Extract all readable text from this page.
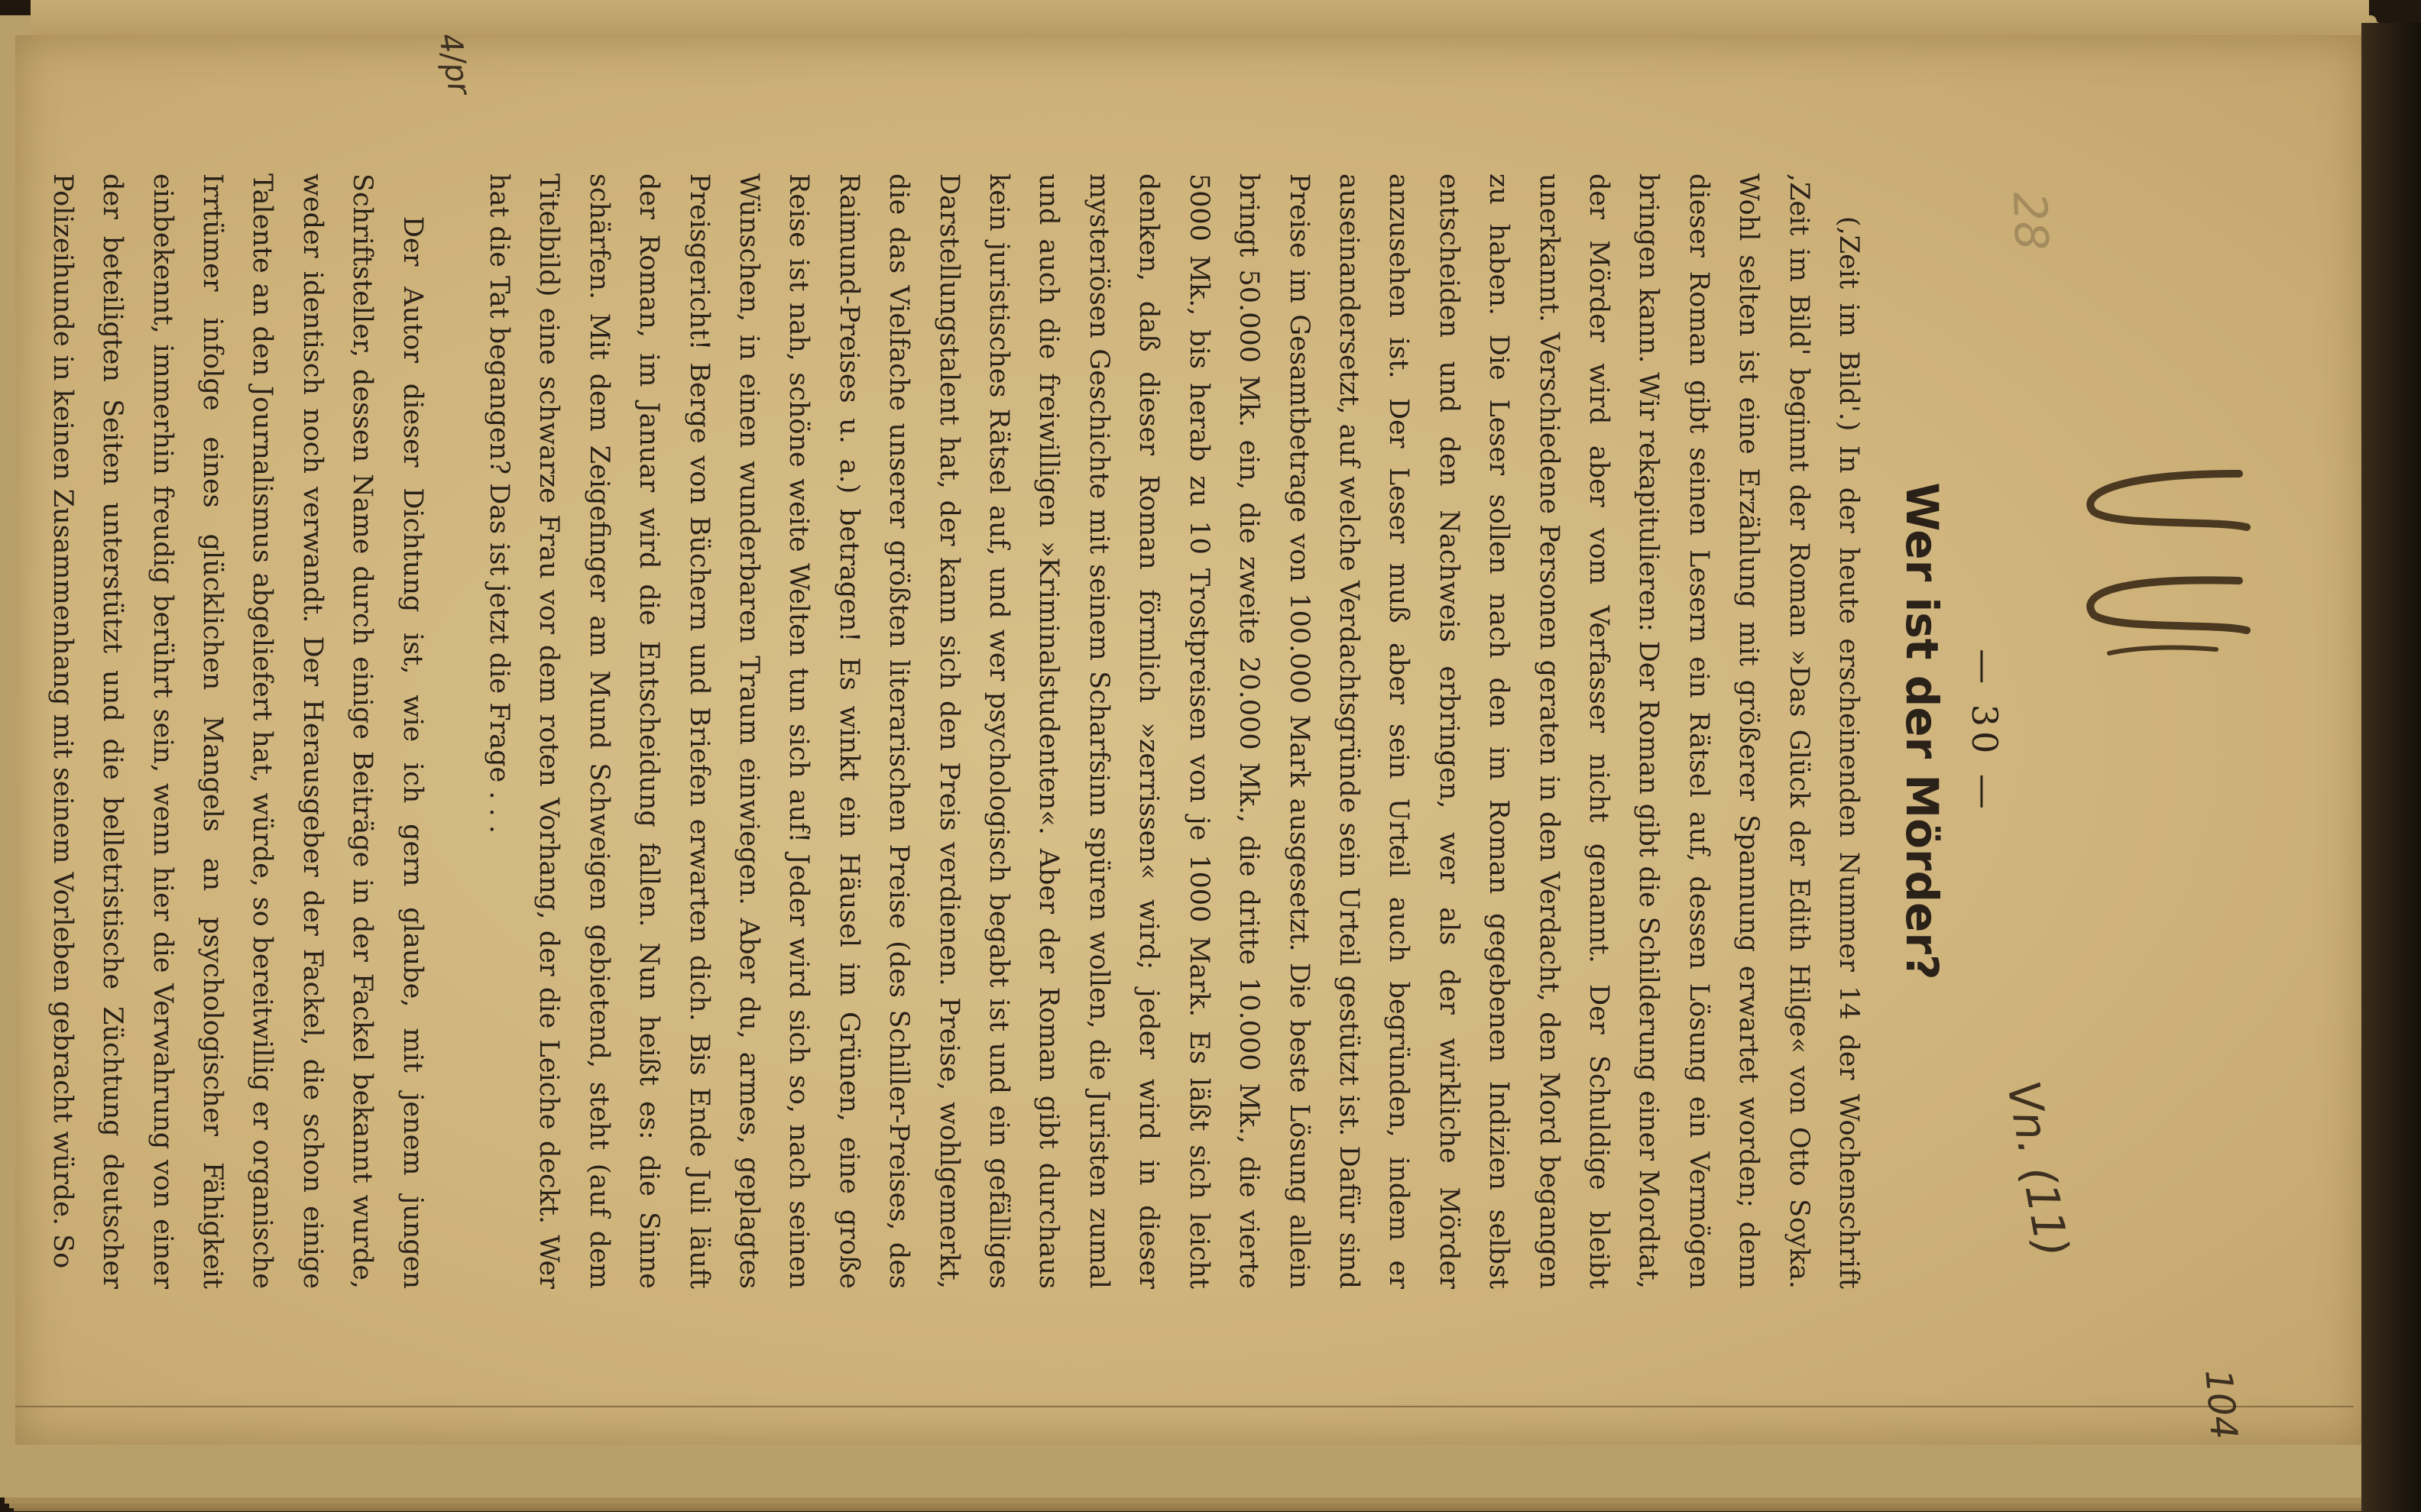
4/pr
Vn. (11)
104
28
— 30 —
Wer ist der Mörder?

(,Zeit im Bild'.) In der heute erscheinenden Nummer 14 der Wochenschrift ,Zeit im Bild' beginnt der Roman »Das Glück der Edith Hilge« von Otto Soyka. Wohl selten ist eine Erzählung mit größerer Spannung erwartet worden; denn dieser Roman gibt seinen Lesern ein Rätsel auf, dessen Lösung ein Vermögen bringen kann. Wir rekapitulieren: Der Roman gibt die Schilderung einer Mordtat, der Mörder wird aber vom Verfasser nicht genannt. Der Schuldige bleibt unerkannt. Verschiedene Personen geraten in den Verdacht, den Mord begangen zu haben. Die Leser sollen nach den im Roman gegebenen Indizien selbst entscheiden und den Nachweis erbringen, wer als der wirkliche Mörder anzusehen ist. Der Leser muß aber sein Urteil auch begründen, indem er auseinandersetzt, auf welche Verdachtsgründe sein Urteil gestützt ist. Dafür sind Preise im Gesamtbetrage von 100.000 Mark ausgesetzt. Die beste Lösung allein bringt 50.000 Mk. ein, die zweite 20.000 Mk., die dritte 10.000 Mk., die vierte 5000 Mk., bis herab zu 10 Trostpreisen von je 1000 Mark. Es läßt sich leicht denken, daß dieser Roman förmlich »zerrissen« wird; jeder wird in dieser mysteriösen Geschichte mit seinem Scharfsinn spüren wollen, die Juristen zumal und auch die freiwilligen »Kriminalstudenten«. Aber der Roman gibt durchaus kein juristisches Rätsel auf, und wer psychologisch begabt ist und ein gefälliges Darstellungstalent hat, der kann sich den Preis verdienen. Preise, wohlgemerkt, die das Vielfache unserer größten literarischen Preise (des Schiller-Preises, des Raimund-Preises u. a.) betragen! Es winkt ein Häusel im Grünen, eine große Reise ist nah, schöne weite Welten tun sich auf! Jeder wird sich so, nach seinen Wünschen, in einen wunderbaren Traum einwiegen. Aber du, armes, geplagtes Preisgericht! Berge von Büchern und Briefen erwarten dich. Bis Ende Juli läuft der Roman, im Januar wird die Entscheidung fallen. Nun heißt es: die Sinne schärfen. Mit dem Zeigefinger am Mund Schweigen gebietend, steht (auf dem Titelbild) eine schwarze Frau vor dem roten Vorhang, der die Leiche deckt. Wer hat die Tat begangen? Das ist jetzt die Frage . . .

Der Autor dieser Dichtung ist, wie ich gern glaube, mit jenem jungen Schriftsteller, dessen Name durch einige Beiträge in der Fackel bekannt wurde, weder identisch noch verwandt. Der Herausgeber der Fackel, die schon einige Talente an den Journalismus abgeliefert hat, würde, so bereitwillig er organische Irrtümer infolge eines glücklichen Mangels an psychologischer Fähigkeit einbekennt, immerhin freudig berührt sein, wenn hier die Verwahrung von einer der beteiligten Seiten unterstützt und die belletristische Züchtung deutscher Polizeihunde in keinen Zusammenhang mit seinem Vorleben gebracht würde. So
